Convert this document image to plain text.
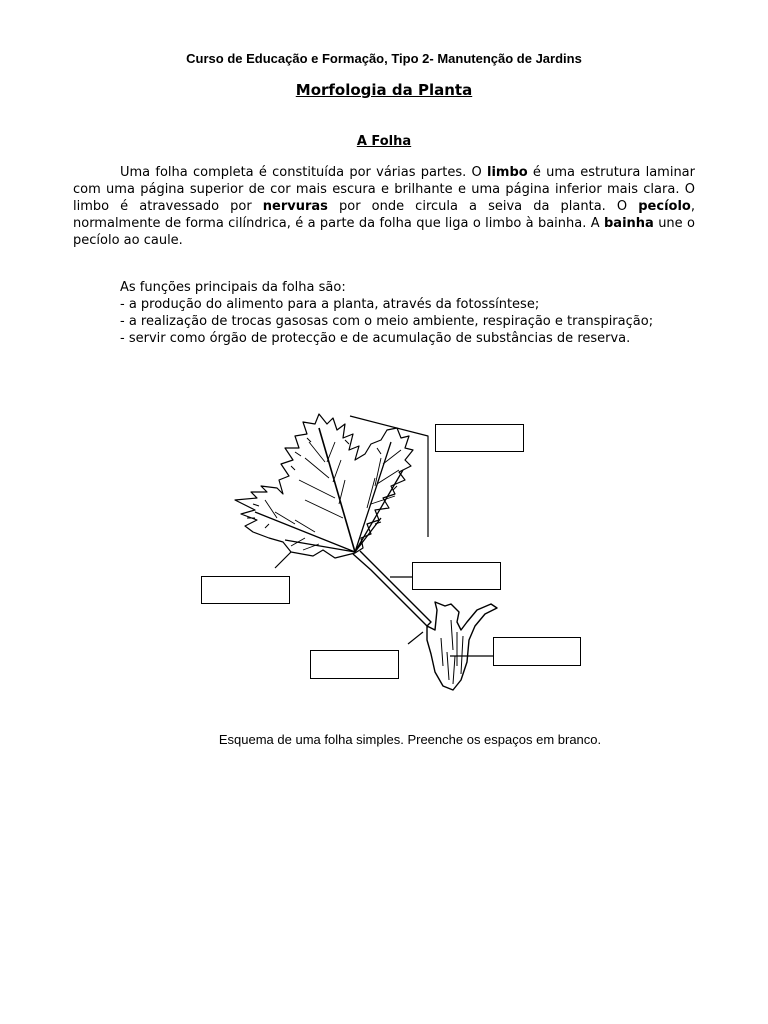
Curso de Educação e Formação, Tipo 2- Manutenção de Jardins
Morfologia da Planta
A Folha

Uma folha completa é constituída por várias partes. O limbo é uma estrutura laminar com uma página superior de cor mais escura e brilhante e uma página inferior mais clara. O limbo é atravessado por nervuras por onde circula a seiva da planta. O pecíolo, normalmente de forma cilíndrica, é a parte da folha que liga o limbo à bainha. A bainha une o pecíolo ao caule.

As funções principais da folha são:
- a produção do alimento para a planta, através da fotossíntese;
- a realização de trocas gasosas com o meio ambiente, respiração e transpiração;
- servir como órgão de protecção e de acumulação de substâncias de reserva.
Esquema de uma folha simples. Preenche os espaços em branco.
